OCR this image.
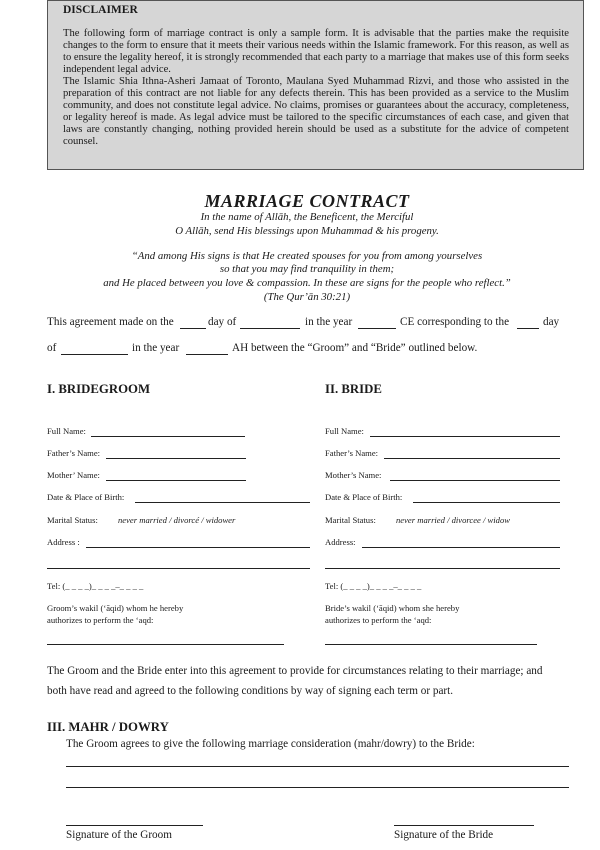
DISCLAIMER

The following form of marriage contract is only a sample form. It is advisable that the parties make the requisite changes to the form to ensure that it meets their various needs within the Islamic framework. For this reason, as well as to ensure the legality hereof, it is strongly recommended that each party to a marriage that makes use of this form seeks independent legal advice.

The Islamic Shia Ithna-Asheri Jamaat of Toronto, Maulana Syed Muhammad Rizvi, and those who assisted in the preparation of this contract are not liable for any defects therein. This has been provided as a service to the Muslim community, and does not constitute legal advice. No claims, promises or guarantees about the accuracy, completeness, or legality hereof is made. As legal advice must be tailored to the specific circumstances of each case, and given that laws are constantly changing, nothing provided herein should be used as a substitute for the advice of competent counsel.

MARRIAGE CONTRACT
In the name of Allāh, the Beneficent, the Merciful
O Allāh, send His blessings upon Muhammad & his progeny.
“And among His signs is that He created spouses for you from among yourselves
so that you may find tranquility in them;
and He placed between you love & compassion. In these are signs for the people who reflect.”
(The Qur’ān 30:21)
This agreement made on the	day of	in the year	CE corresponding to the	day
of	in the year	AH between the “Groom” and “Bride” outlined below.
I. BRIDEGROOM	II. BRIDE
Full Name:
Father’s Name:
Mother’ Name:
Date & Place of Birth:
Marital Status: never married / divorcé / widower
Address :
Tel: (_ _ _ _)_ _ _ _–_ _ _ _
Groom’s wakil (‘āqid) whom he hereby
authorizes to perform the ‘aqd:
Full Name:
Father’s Name:
Mother’s Name:
Date & Place of Birth:
Marital Status: never married / divorcee / widow
Address:
Tel: (_ _ _ _)_ _ _ _–_ _ _ _
Bride’s wakil (‘āqid) whom she hereby
authorizes to perform the ‘aqd:
The Groom and the Bride enter into this agreement to provide for circumstances relating to their marriage; and
both have read and agreed to the following conditions by way of signing each term or part.
III. MAHR / DOWRY
The Groom agrees to give the following marriage consideration (mahr/dowry) to the Bride:
Signature of the Groom	Signature of the Bride
